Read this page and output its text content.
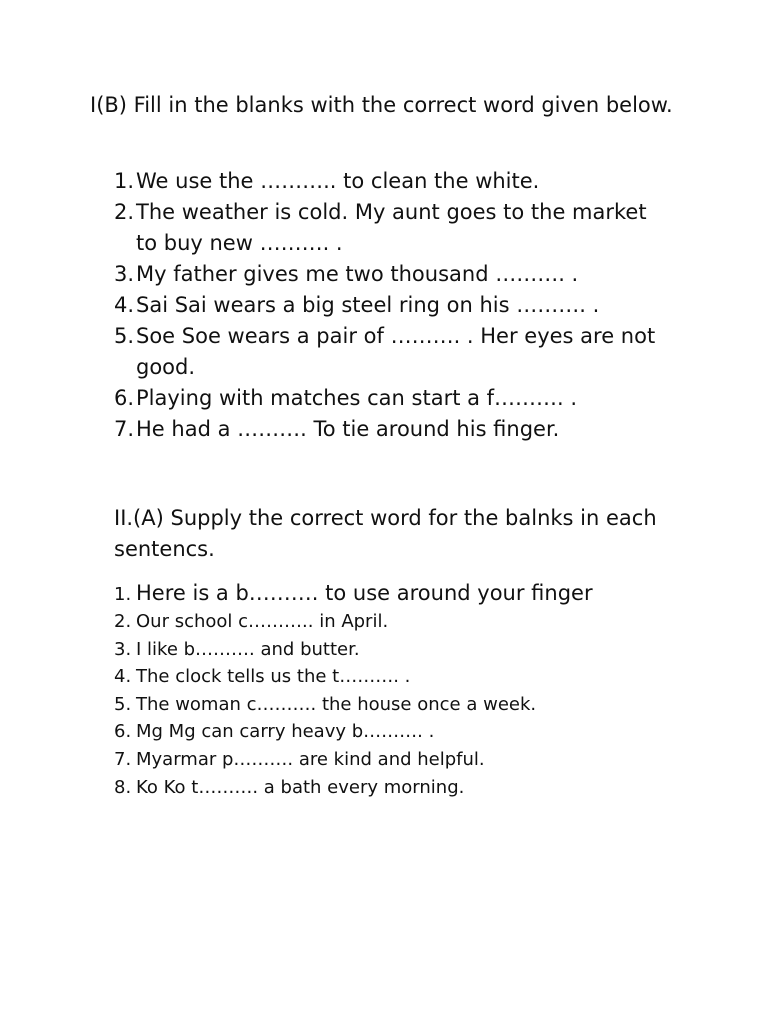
I(B) Fill in the blanks with the correct word given below.

1. We use the ……….. to clean the white.
2. The weather is cold. My aunt goes to the market to buy new ………. .
3. My father gives me two thousand ………. .
4. Sai Sai wears a big steel ring on his ………. .
5. Soe Soe wears a pair of ………. . Her eyes are not good.
6. Playing with matches can start a f………. .
7. He had a ………. To tie around his finger.

II.(A) Supply the correct word for the balnks in each sentencs.

1. Here is a b………. to use around your finger
2. Our school c……….. in April.
3. I like b………. and butter.
4. The clock tells us the t………. .
5. The woman c………. the house once a week.
6. Mg Mg can carry heavy b………. .
7. Myarmar p………. are kind and helpful.
8. Ko Ko t………. a bath every morning.
